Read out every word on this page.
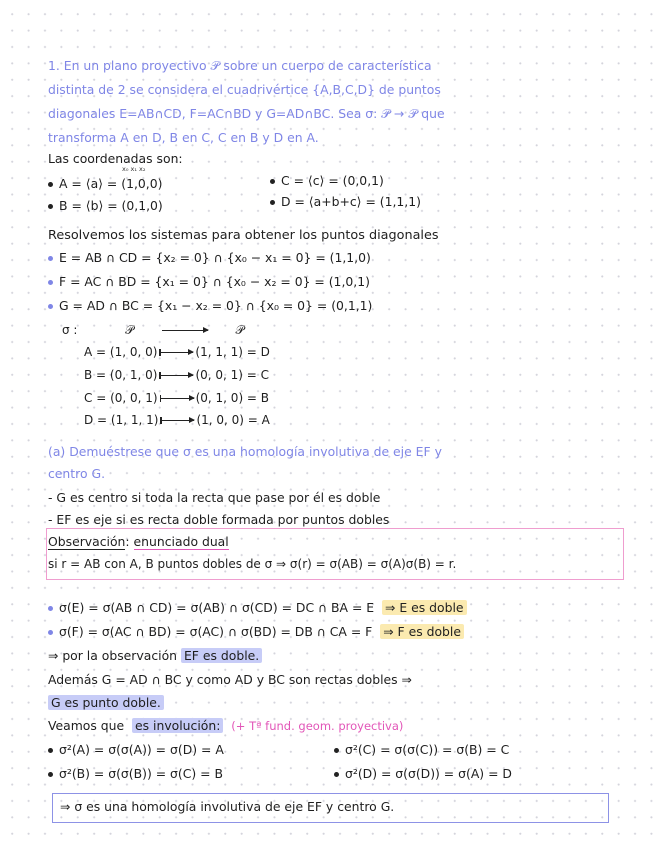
1. En un plano proyectivo 𝒫 sobre un cuerpo de característica
distinta de 2 se considera el cuadrivértice {A,B,C,D} de puntos
diagonales E=AB∩CD, F=AC∩BD y G=AD∩BC. Sea σ: 𝒫 → 𝒫 que
transforma A en D, B en C, C en B y D en A.
Las coordenadas son:
x₀ x₁ x₂
A = ⟨a⟩ = (1,0,0)	C = ⟨c⟩ = (0,0,1)
B = ⟨b⟩ = (0,1,0)	D = ⟨a+b+c⟩ = (1,1,1)
Resolvemos los sistemas para obtener los puntos diagonales
E = AB ∩ CD = {x₂ = 0} ∩ {x₀ − x₁ = 0} = (1,1,0)
F = AC ∩ BD = {x₁ = 0} ∩ {x₀ − x₂ = 0} = (1,0,1)
G = AD ∩ BC = {x₁ − x₂ = 0} ∩ {x₀ = 0} = (0,1,1)
σ :	𝒫	𝒫
A = (1, 0, 0)	(1, 1, 1) = D
B = (0, 1, 0)	(0, 0, 1) = C
C = (0, 0, 1)	(0, 1, 0) = B
D = (1, 1, 1)	(1, 0, 0) = A
(a) Demuéstrese que σ es una homología involutiva de eje EF y
centro G.
- G es centro si toda la recta que pase por él es doble
- EF es eje si es recta doble formada por puntos dobles
Observación: enunciado dual
si r = AB con A, B puntos dobles de σ ⇒ σ(r) = σ(AB) = σ(A)σ(B) = r.
σ(E) = σ(AB ∩ CD) = σ(AB) ∩ σ(CD) = DC ∩ BA = E ⇒ E es doble
σ(F) = σ(AC ∩ BD) = σ(AC) ∩ σ(BD) = DB ∩ CA = F ⇒ F es doble
⇒ por la observación EF es doble.
Además G = AD ∩ BC y como AD y BC son rectas dobles ⇒
G es punto doble.
Veamos que es involución: (+ Tª fund. geom. proyectiva)
σ²(A) = σ(σ(A)) = σ(D) = A	σ²(C) = σ(σ(C)) = σ(B) = C
σ²(B) = σ(σ(B)) = σ(C) = B	σ²(D) = σ(σ(D)) = σ(A) = D
⇒ σ es una homología involutiva de eje EF y centro G.
